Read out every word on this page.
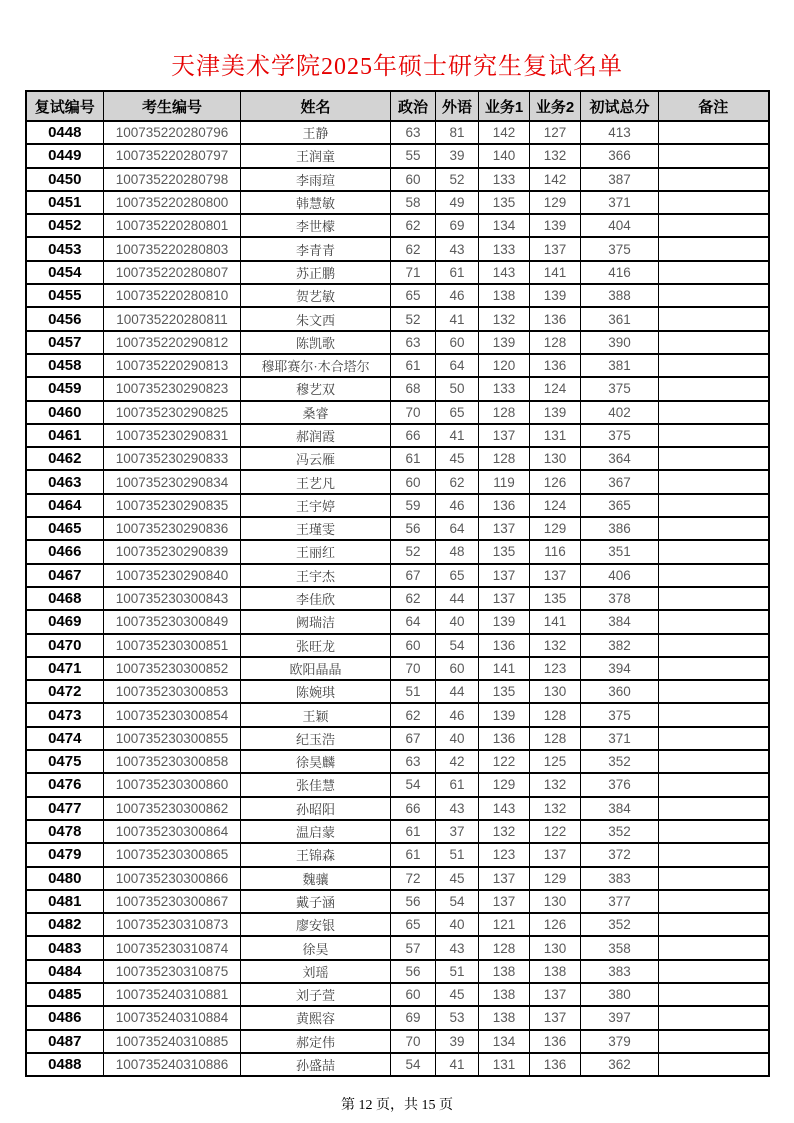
天津美术学院2025年硕士研究生复试名单
复试编号	考生编号	姓名	政治	外语	业务1	业务2	初试总分	备注
0448	100735220280796	王静	63	81	142	127	413	
0449	100735220280797	王润童	55	39	140	132	366	
0450	100735220280798	李雨瑄	60	52	133	142	387	
0451	100735220280800	韩慧敏	58	49	135	129	371	
0452	100735220280801	李世檬	62	69	134	139	404	
0453	100735220280803	李青青	62	43	133	137	375	
0454	100735220280807	苏正鹏	71	61	143	141	416	
0455	100735220280810	贺艺敏	65	46	138	139	388	
0456	100735220280811	朱文西	52	41	132	136	361	
0457	100735220290812	陈凯歌	63	60	139	128	390	
0458	100735220290813	穆耶赛尔·木合塔尔	61	64	120	136	381	
0459	100735230290823	穆艺双	68	50	133	124	375	
0460	100735230290825	桑睿	70	65	128	139	402	
0461	100735230290831	郝润霞	66	41	137	131	375	
0462	100735230290833	冯云雁	61	45	128	130	364	
0463	100735230290834	王艺凡	60	62	119	126	367	
0464	100735230290835	王宇婷	59	46	136	124	365	
0465	100735230290836	王瑾雯	56	64	137	129	386	
0466	100735230290839	王丽红	52	48	135	116	351	
0467	100735230290840	王宇杰	67	65	137	137	406	
0468	100735230300843	李佳欣	62	44	137	135	378	
0469	100735230300849	阙瑞洁	64	40	139	141	384	
0470	100735230300851	张旺龙	60	54	136	132	382	
0471	100735230300852	欧阳晶晶	70	60	141	123	394	
0472	100735230300853	陈婉琪	51	44	135	130	360	
0473	100735230300854	王颖	62	46	139	128	375	
0474	100735230300855	纪玉浩	67	40	136	128	371	
0475	100735230300858	徐昊麟	63	42	122	125	352	
0476	100735230300860	张佳慧	54	61	129	132	376	
0477	100735230300862	孙昭阳	66	43	143	132	384	
0478	100735230300864	温启蒙	61	37	132	122	352	
0479	100735230300865	王锦森	61	51	123	137	372	
0480	100735230300866	魏骧	72	45	137	129	383	
0481	100735230300867	戴子涵	56	54	137	130	377	
0482	100735230310873	廖安银	65	40	121	126	352	
0483	100735230310874	徐昊	57	43	128	130	358	
0484	100735230310875	刘瑶	56	51	138	138	383	
0485	100735240310881	刘子萱	60	45	138	137	380	
0486	100735240310884	黄熙容	69	53	138	137	397	
0487	100735240310885	郝定伟	70	39	134	136	379	
0488	100735240310886	孙盛喆	54	41	131	136	362	
第 12 页，共 15 页
